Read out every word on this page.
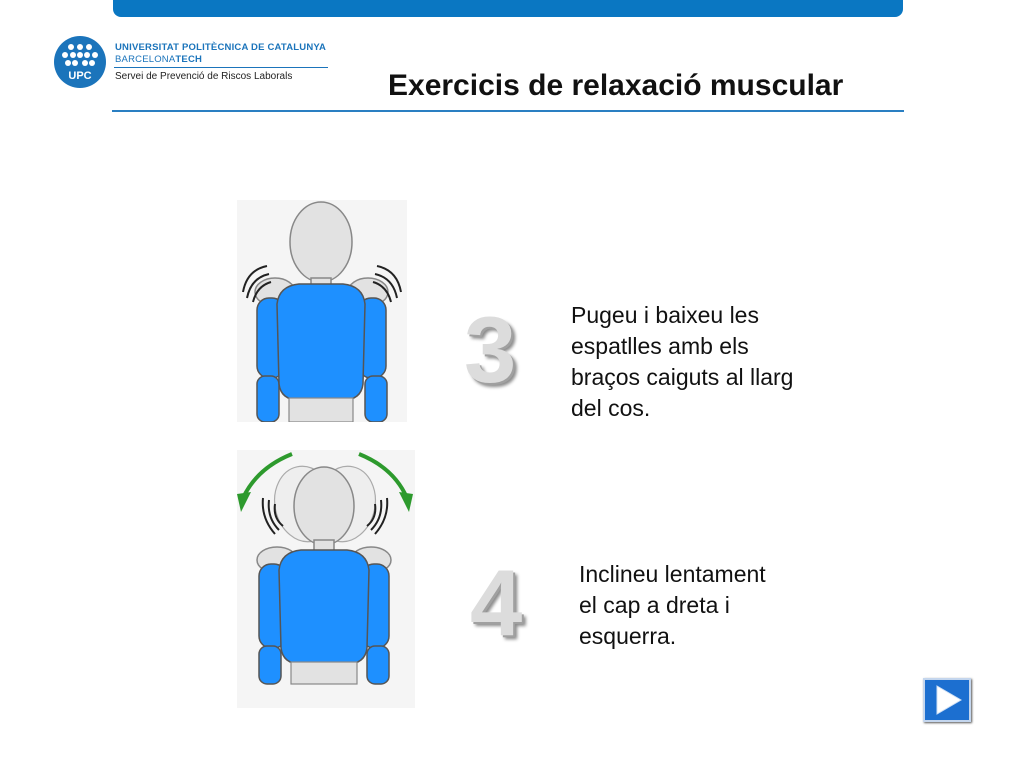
UPC
UNIVERSITAT POLITÈCNICA DE CATALUNYA
BARCELONATECH
Servei de Prevenció de Riscos Laborals	Exercicis de relaxació muscular
3 Pugeu i baixeu les
espatlles amb els
braços caiguts al llarg
del cos.
4 Inclineu lentament
el cap a dreta i
esquerra.
